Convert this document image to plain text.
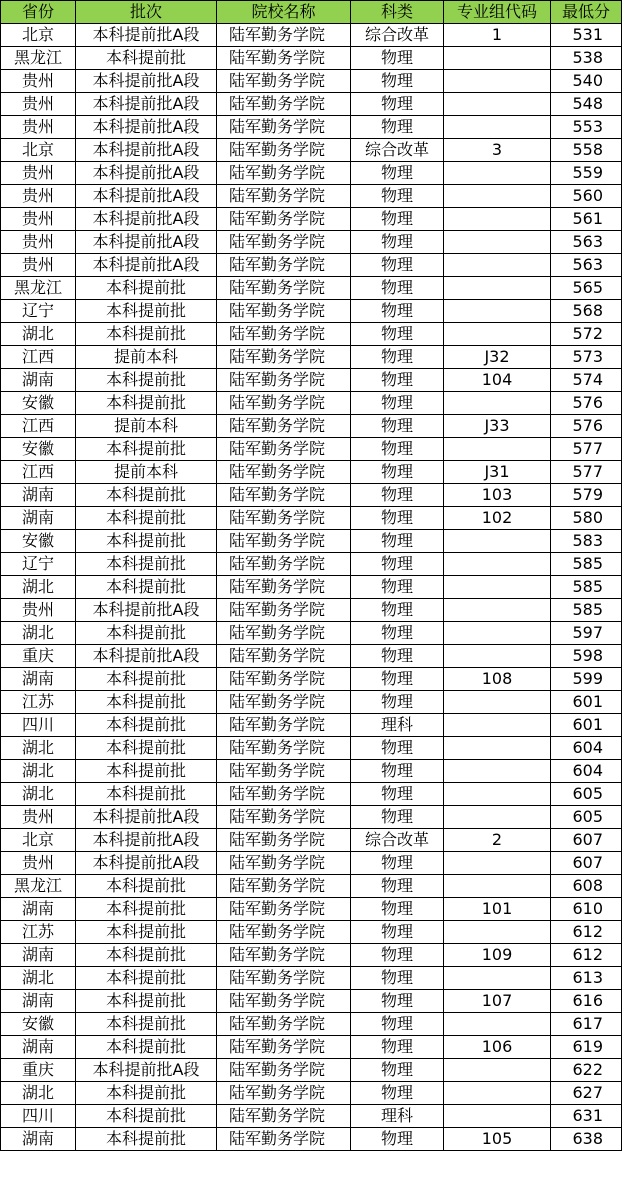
省份	批次	院校名称	科类	专业组代码	最低分
北京	本科提前批A段	陆军勤务学院	综合改革	1	531
黑龙江	本科提前批	陆军勤务学院	物理		538
贵州	本科提前批A段	陆军勤务学院	物理		540
贵州	本科提前批A段	陆军勤务学院	物理		548
贵州	本科提前批A段	陆军勤务学院	物理		553
北京	本科提前批A段	陆军勤务学院	综合改革	3	558
贵州	本科提前批A段	陆军勤务学院	物理		559
贵州	本科提前批A段	陆军勤务学院	物理		560
贵州	本科提前批A段	陆军勤务学院	物理		561
贵州	本科提前批A段	陆军勤务学院	物理		563
贵州	本科提前批A段	陆军勤务学院	物理		563
黑龙江	本科提前批	陆军勤务学院	物理		565
辽宁	本科提前批	陆军勤务学院	物理		568
湖北	本科提前批	陆军勤务学院	物理		572
江西	提前本科	陆军勤务学院	物理	J32	573
湖南	本科提前批	陆军勤务学院	物理	104	574
安徽	本科提前批	陆军勤务学院	物理		576
江西	提前本科	陆军勤务学院	物理	J33	576
安徽	本科提前批	陆军勤务学院	物理		577
江西	提前本科	陆军勤务学院	物理	J31	577
湖南	本科提前批	陆军勤务学院	物理	103	579
湖南	本科提前批	陆军勤务学院	物理	102	580
安徽	本科提前批	陆军勤务学院	物理		583
辽宁	本科提前批	陆军勤务学院	物理		585
湖北	本科提前批	陆军勤务学院	物理		585
贵州	本科提前批A段	陆军勤务学院	物理		585
湖北	本科提前批	陆军勤务学院	物理		597
重庆	本科提前批A段	陆军勤务学院	物理		598
湖南	本科提前批	陆军勤务学院	物理	108	599
江苏	本科提前批	陆军勤务学院	物理		601
四川	本科提前批	陆军勤务学院	理科		601
湖北	本科提前批	陆军勤务学院	物理		604
湖北	本科提前批	陆军勤务学院	物理		604
湖北	本科提前批	陆军勤务学院	物理		605
贵州	本科提前批A段	陆军勤务学院	物理		605
北京	本科提前批A段	陆军勤务学院	综合改革	2	607
贵州	本科提前批A段	陆军勤务学院	物理		607
黑龙江	本科提前批	陆军勤务学院	物理		608
湖南	本科提前批	陆军勤务学院	物理	101	610
江苏	本科提前批	陆军勤务学院	物理		612
湖南	本科提前批	陆军勤务学院	物理	109	612
湖北	本科提前批	陆军勤务学院	物理		613
湖南	本科提前批	陆军勤务学院	物理	107	616
安徽	本科提前批	陆军勤务学院	物理		617
湖南	本科提前批	陆军勤务学院	物理	106	619
重庆	本科提前批A段	陆军勤务学院	物理		622
湖北	本科提前批	陆军勤务学院	物理		627
四川	本科提前批	陆军勤务学院	理科		631
湖南	本科提前批	陆军勤务学院	物理	105	638
